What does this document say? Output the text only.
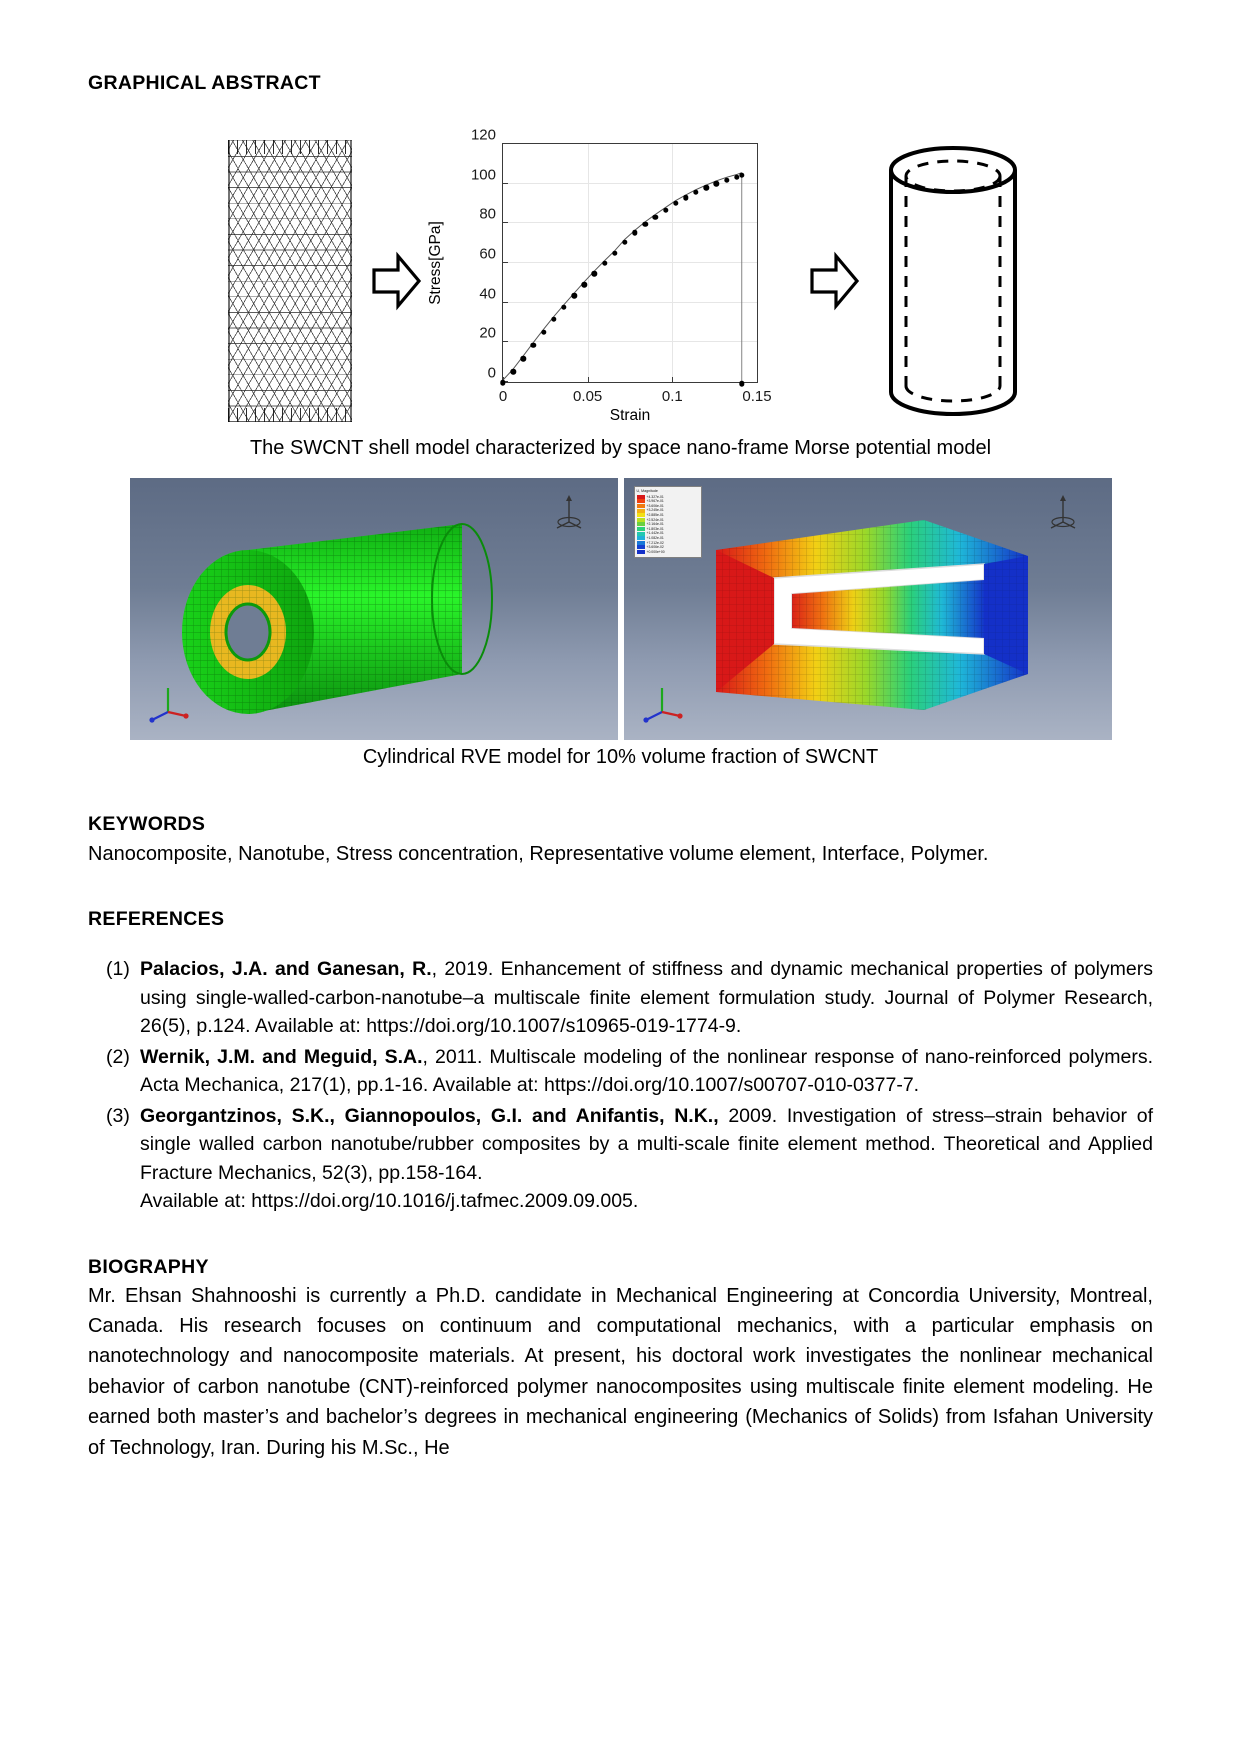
GRAPHICAL ABSTRACT
Stress[GPa]
0
20
40
60
80
100
120
0	0.05	0.1	0.15
Strain
The SWCNT shell model characterized by space nano-frame Morse potential model
U, Magnitude
+4.327e-01
+3.967e-01
+3.606e-01
+3.245e-01
+2.885e-01
+2.524e-01
+2.164e-01
+1.803e-01
+1.442e-01
+1.082e-01
+7.212e-02
+3.606e-02
+0.000e+00
Cylindrical RVE model for 10% volume fraction of SWCNT
KEYWORDS
Nanocomposite, Nanotube, Stress concentration, Representative volume element, Interface, Polymer.
REFERENCES
(1) Palacios, J.A. and Ganesan, R., 2019. Enhancement of stiffness and dynamic mechanical properties of polymers using single-walled-carbon-nanotube–a multiscale finite element formulation study. Journal of Polymer Research, 26(5), p.124. Available at: https://doi.org/10.1007/s10965-019-1774-9.
(2) Wernik, J.M. and Meguid, S.A., 2011. Multiscale modeling of the nonlinear response of nano-reinforced polymers. Acta Mechanica, 217(1), pp.1-16. Available at: https://doi.org/10.1007/s00707-010-0377-7.
(3) Georgantzinos, S.K., Giannopoulos, G.I. and Anifantis, N.K., 2009. Investigation of stress–strain behavior of single walled carbon nanotube/rubber composites by a multi-scale finite element method. Theoretical and Applied Fracture Mechanics, 52(3), pp.158-164.
Available at: https://doi.org/10.1016/j.tafmec.2009.09.005.
BIOGRAPHY
Mr. Ehsan Shahnooshi is currently a Ph.D. candidate in Mechanical Engineering at Concordia University, Montreal, Canada. His research focuses on continuum and computational mechanics, with a particular emphasis on nanotechnology and nanocomposite materials. At present, his doctoral work investigates the nonlinear mechanical behavior of carbon nanotube (CNT)-reinforced polymer nanocomposites using multiscale finite element modeling. He earned both master’s and bachelor’s degrees in mechanical engineering (Mechanics of Solids) from Isfahan University of Technology, Iran. During his M.Sc., He
